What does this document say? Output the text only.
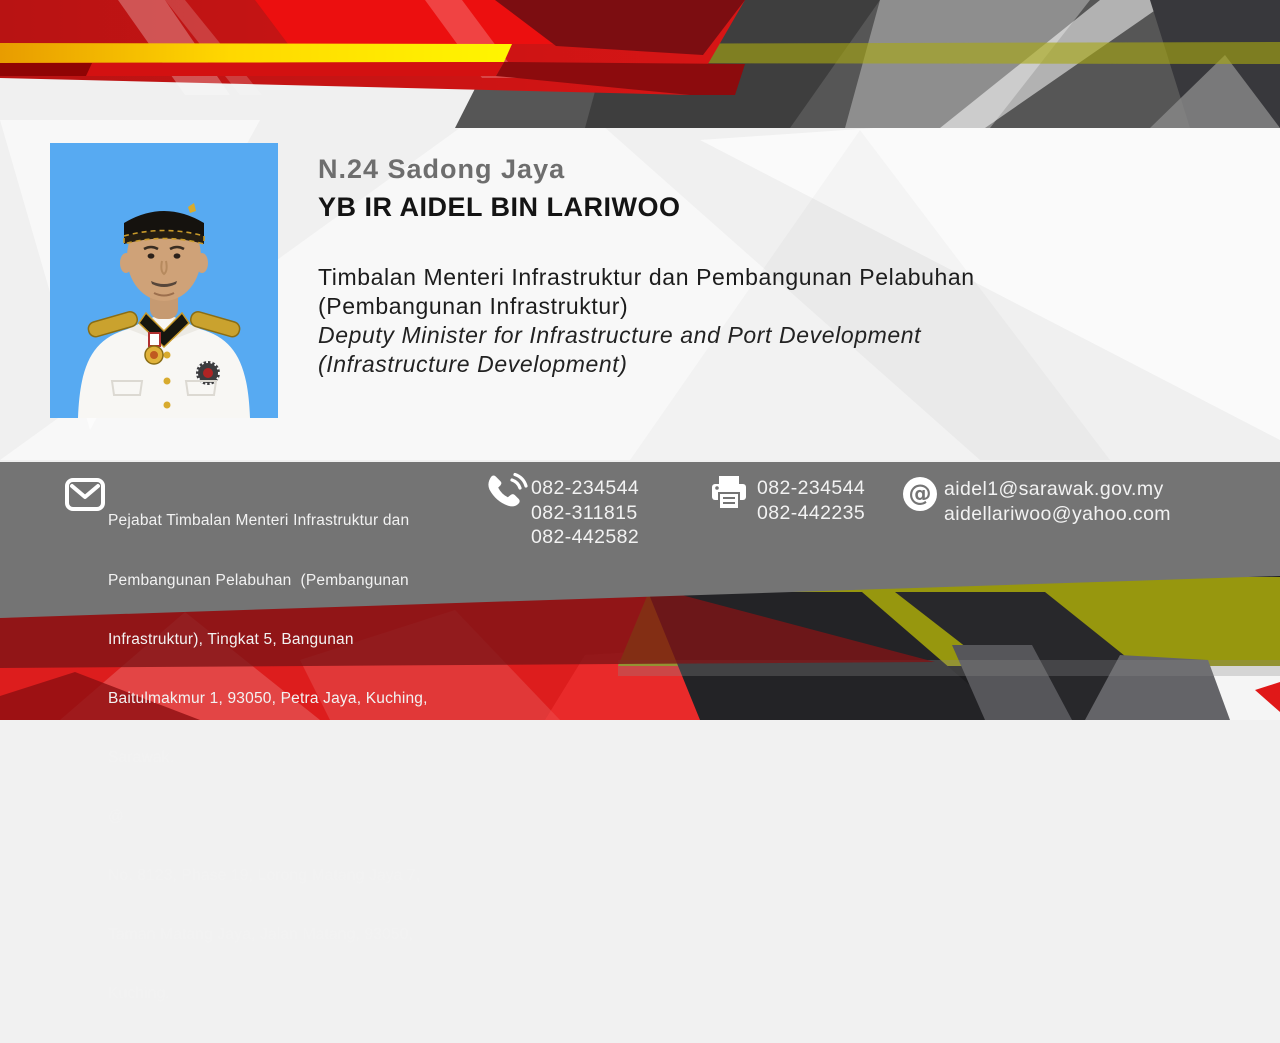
N.24 Sadong Jaya
YB IR AIDEL BIN LARIWOO
Timbalan Menteri Infrastruktur dan Pembangunan Pelabuhan
(Pembangunan Infrastruktur)
Deputy Minister for Infrastructure and Port Development
(Infrastructure Development)

Pejabat Timbalan Menteri Infrastruktur dan

Pembangunan Pelabuhan  (Pembangunan

Infrastruktur), Tingkat 5, Bangunan

Baitulmakmur 1, 93050, Petra Jaya, Kuching,

Sarawak.

@

No. 8123, Phase 19, Lorong Matang Jaya 7,

Taman Matang Jaya, Jalan Matang, 93050,

Kuching.

082-234544
082-311815
082-442582
082-234544
082-442235
@ aidel1@sarawak.gov.my
aidellariwoo@yahoo.com
